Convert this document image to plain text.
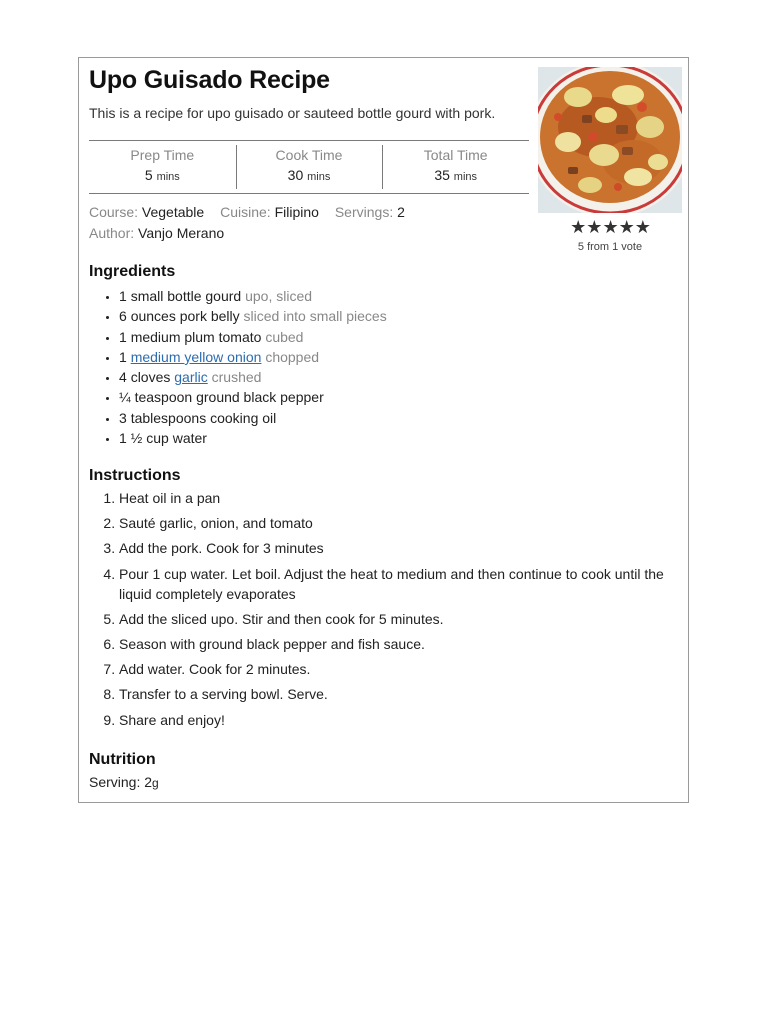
Upo Guisado Recipe
This is a recipe for upo guisado or sauteed bottle gourd with pork.
Prep Time
5 mins
Cook Time
30 mins
Total Time
35 mins
Course: Vegetable Cuisine: Filipino Servings: 2
Author: Vanjo Merano	★ ★ ★ ★ ★
5 from 1 vote
Ingredients
• 1 small bottle gourd upo, sliced
• 6 ounces pork belly sliced into small pieces
• 1 medium plum tomato cubed
• 1 medium yellow onion chopped
• 4 cloves garlic crushed
• ¼ teaspoon ground black pepper
• 3 tablespoons cooking oil
• 1 ½ cup water
Instructions
1. Heat oil in a pan
2. Sauté garlic, onion, and tomato
3. Add the pork. Cook for 3 minutes
4. Pour 1 cup water. Let boil. Adjust the heat to medium and then continue to cook until the liquid completely evaporates
5. Add the sliced upo. Stir and then cook for 5 minutes.
6. Season with ground black pepper and fish sauce.
7. Add water. Cook for 2 minutes.
8. Transfer to a serving bowl. Serve.
9. Share and enjoy!
Nutrition
Serving: 2g
